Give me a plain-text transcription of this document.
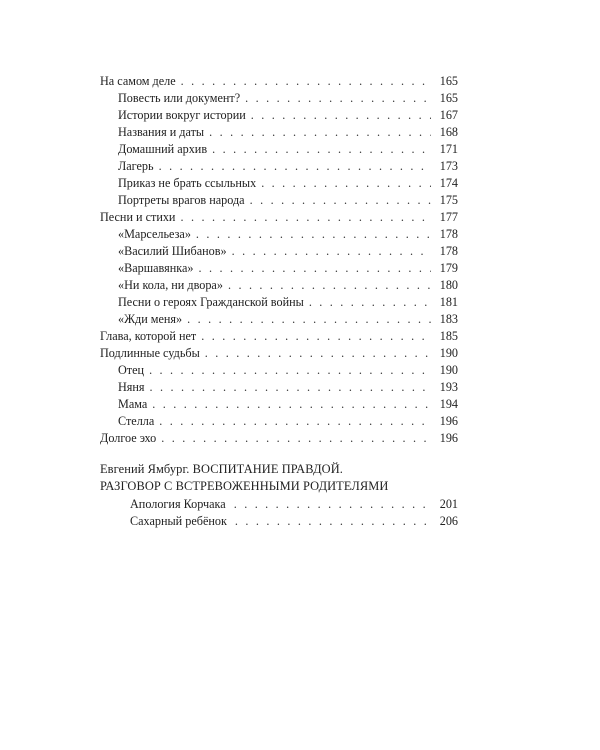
На самом деле . . .	165
Повесть или документ? . . .	165
Истории вокруг истории . . .	167
Названия и даты . . .	168
Домашний архив . . .	171
Лагерь . . .	173
Приказ не брать ссыльных . . .	174
Портреты врагов народа . . .	175
Песни и стихи . . .	177
«Марсельеза» . . .	178
«Василий Шибанов» . . .	178
«Варшавянка» . . .	179
«Ни кола, ни двора» . . .	180
Песни о героях Гражданской войны . . .	181
«Жди меня» . . .	183
Глава, которой нет . . .	185
Подлинные судьбы . . .	190
Отец . . .	190
Няня . . .	193
Мама . . .	194
Стелла . . .	196
Долгое эхо . . .	196
Евгений Ямбург. ВОСПИТАНИЕ ПРАВДОЙ.
РАЗГОВОР С ВСТРЕВОЖЕННЫМИ РОДИТЕЛЯМИ
Апология Корчака . . .	201
Сахарный ребёнок . . .	206
